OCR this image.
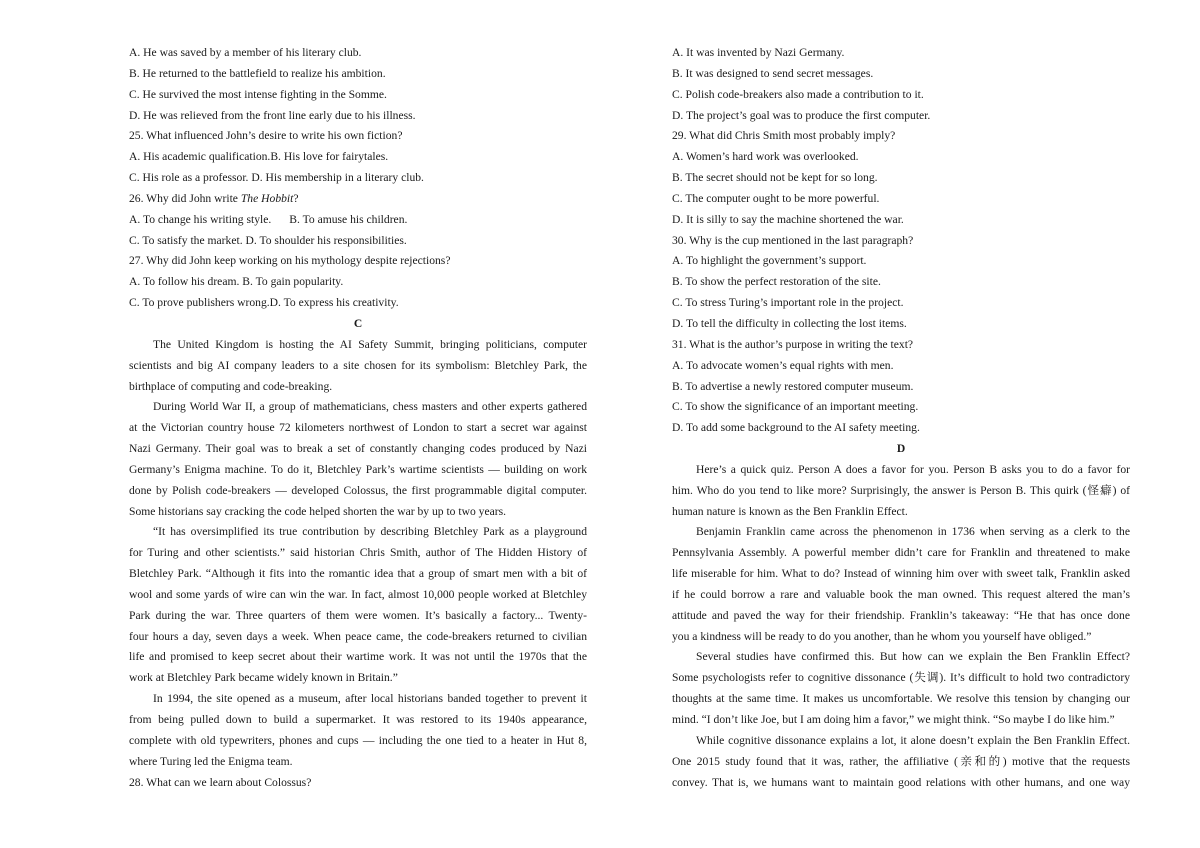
A. He was saved by a member of his literary club.
B. He returned to the battlefield to realize his ambition.
C. He survived the most intense fighting in the Somme.
D. He was relieved from the front line early due to his illness.
25. What influenced John’s desire to write his own fiction?
A. His academic qualification.B. His love for fairytales.
C. His role as a professor. D. His membership in a literary club.
26. Why did John write The Hobbit?
A. To change his writing style. B. To amuse his children.
C. To satisfy the market. D. To shoulder his responsibilities.
27. Why did John keep working on his mythology despite rejections?
A. To follow his dream. B. To gain popularity.
C. To prove publishers wrong.D. To express his creativity.
C
The United Kingdom is hosting the AI Safety Summit, bringing politicians, computer
scientists and big AI company leaders to a site chosen for its symbolism: Bletchley Park, the
birthplace of computing and code-breaking.
During World War II, a group of mathematicians, chess masters and other experts gathered
at the Victorian country house 72 kilometers northwest of London to start a secret war against
Nazi Germany. Their goal was to break a set of constantly changing codes produced by Nazi
Germany’s Enigma machine. To do it, Bletchley Park’s wartime scientists — building on work
done by Polish code-breakers — developed Colossus, the first programmable digital computer.
Some historians say cracking the code helped shorten the war by up to two years.
“It has oversimplified its true contribution by describing Bletchley Park as a playground
for Turing and other scientists.” said historian Chris Smith, author of The Hidden History of
Bletchley Park. “Although it fits into the romantic idea that a group of smart men with a bit of
wool and some yards of wire can win the war. In fact, almost 10,000 people worked at Bletchley
Park during the war. Three quarters of them were women. It’s basically a factory... Twenty-
four hours a day, seven days a week. When peace came, the code-breakers returned to civilian
life and promised to keep secret about their wartime work. It was not until the 1970s that the
work at Bletchley Park became widely known in Britain.”
In 1994, the site opened as a museum, after local historians banded together to prevent it
from being pulled down to build a supermarket. It was restored to its 1940s appearance,
complete with old typewriters, phones and cups — including the one tied to a heater in Hut 8,
where Turing led the Enigma team.
28. What can we learn about Colossus?
A. It was invented by Nazi Germany.
B. It was designed to send secret messages.
C. Polish code-breakers also made a contribution to it.
D. The project’s goal was to produce the first computer.
29. What did Chris Smith most probably imply?
A. Women’s hard work was overlooked.
B. The secret should not be kept for so long.
C. The computer ought to be more powerful.
D. It is silly to say the machine shortened the war.
30. Why is the cup mentioned in the last paragraph?
A. To highlight the government’s support.
B. To show the perfect restoration of the site.
C. To stress Turing’s important role in the project.
D. To tell the difficulty in collecting the lost items.
31. What is the author’s purpose in writing the text?
A. To advocate women’s equal rights with men.
B. To advertise a newly restored computer museum.
C. To show the significance of an important meeting.
D. To add some background to the AI safety meeting.
D
Here’s a quick quiz. Person A does a favor for you. Person B asks you to do a favor for
him. Who do you tend to like more? Surprisingly, the answer is Person B. This quirk (怪癖) of
human nature is known as the Ben Franklin Effect.
Benjamin Franklin came across the phenomenon in 1736 when serving as a clerk to the
Pennsylvania Assembly. A powerful member didn’t care for Franklin and threatened to make
life miserable for him. What to do? Instead of winning him over with sweet talk, Franklin asked
if he could borrow a rare and valuable book the man owned. This request altered the man’s
attitude and paved the way for their friendship. Franklin’s takeaway: “He that has once done
you a kindness will be ready to do you another, than he whom you yourself have obliged.”
Several studies have confirmed this. But how can we explain the Ben Franklin Effect?
Some psychologists refer to cognitive dissonance (失调). It’s difficult to hold two contradictory
thoughts at the same time. It makes us uncomfortable. We resolve this tension by changing our
mind. “I don’t like Joe, but I am doing him a favor,” we might think. “So maybe I do like him.”
While cognitive dissonance explains a lot, it alone doesn’t explain the Ben Franklin Effect.
One 2015 study found that it was, rather, the affiliative (亲和的) motive that the requests
convey. That is, we humans want to maintain good relations with other humans, and one way
